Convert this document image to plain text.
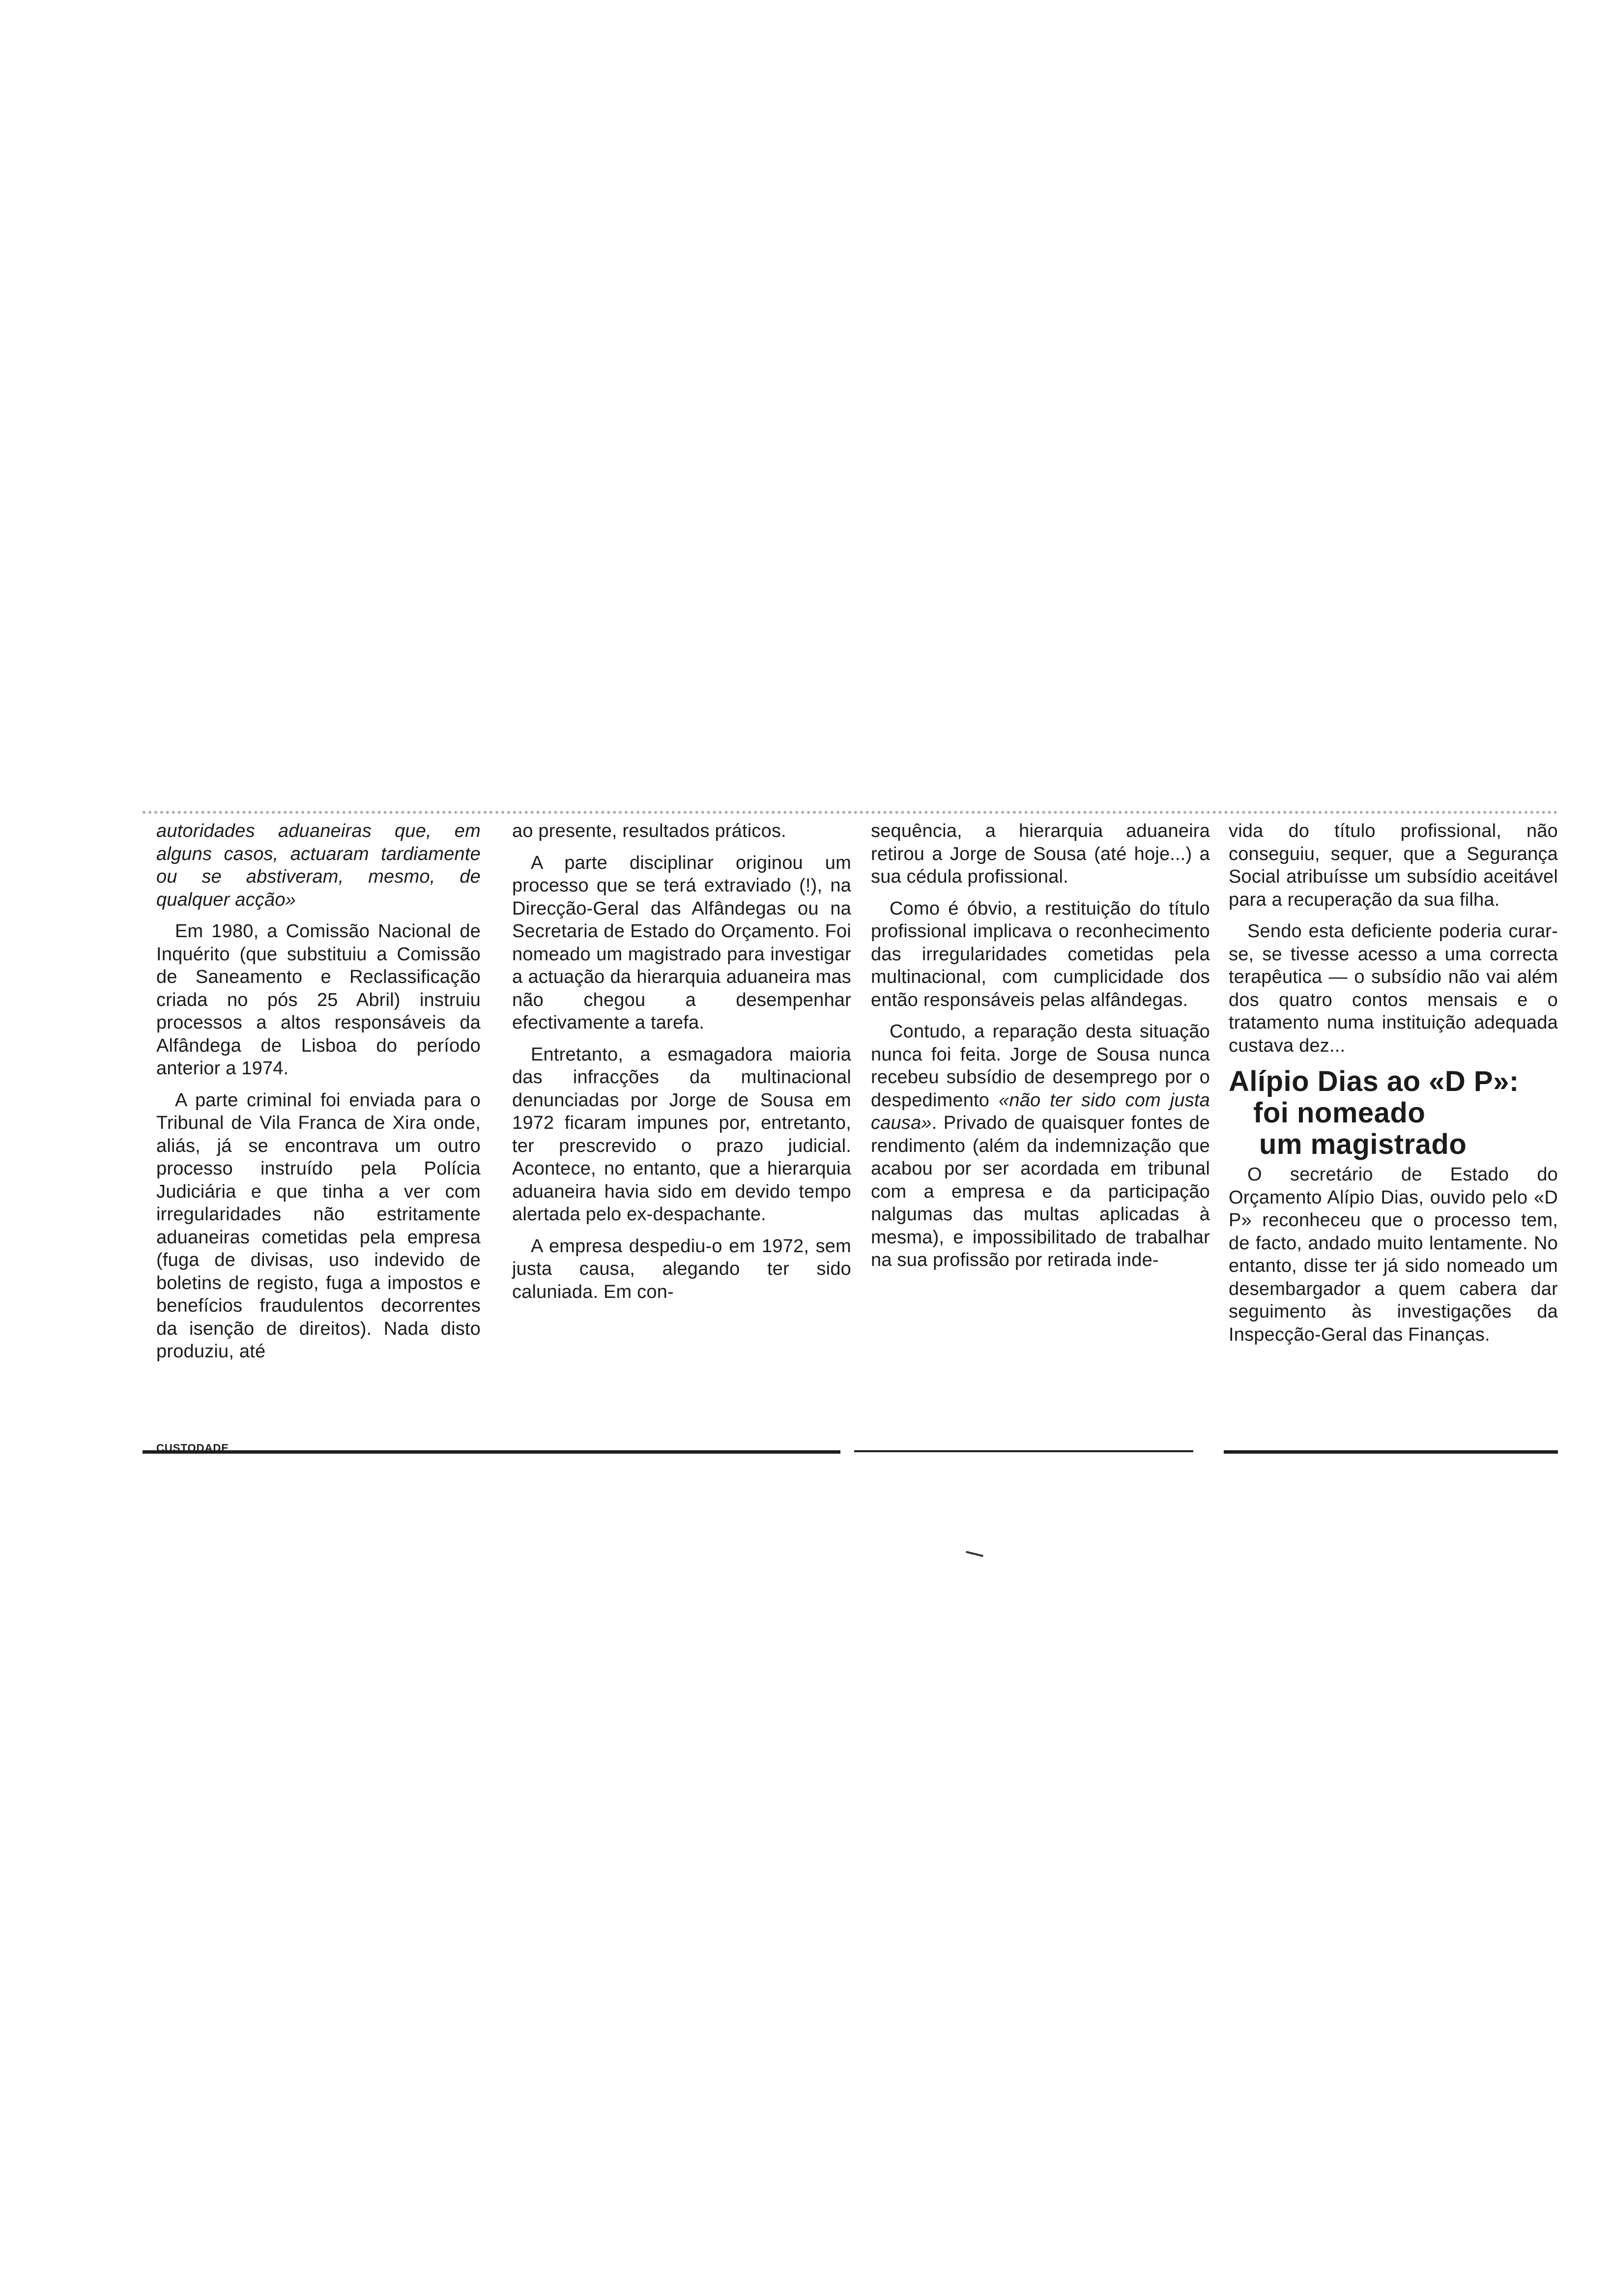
autoridades aduaneiras que, em alguns casos, actuaram tardiamente ou se abstiveram, mesmo, de qualquer acção»

Em 1980, a Comissão Nacional de Inquérito (que substituiu a Comissão de Saneamento e Reclassificação criada no pós 25 Abril) instruiu processos a altos responsáveis da Alfândega de Lisboa do período anterior a 1974.

A parte criminal foi enviada para o Tribunal de Vila Franca de Xira onde, aliás, já se encontrava um outro processo instruído pela Polícia Judiciária e que tinha a ver com irregularidades não estritamente aduaneiras cometidas pela empresa (fuga de divisas, uso indevido de boletins de registo, fuga a impostos e benefícios fraudulentos decorrentes da isenção de direitos). Nada disto produziu, até

ao presente, resultados práticos.

A parte disciplinar originou um processo que se terá extraviado (!), na Direcção-Geral das Alfândegas ou na Secretaria de Estado do Orçamento. Foi nomeado um magistrado para investigar a actuação da hierarquia aduaneira mas não chegou a desempenhar efectivamente a tarefa.

Entretanto, a esmagadora maioria das infracções da multinacional denunciadas por Jorge de Sousa em 1972 ficaram impunes por, entretanto, ter prescrevido o prazo judicial. Acontece, no entanto, que a hierarquia aduaneira havia sido em devido tempo alertada pelo ex-despachante.

A empresa despediu-o em 1972, sem justa causa, alegando ter sido caluniada. Em con-

sequência, a hierarquia aduaneira retirou a Jorge de Sousa (até hoje...) a sua cédula profissional.

Como é óbvio, a restituição do título profissional implicava o reconhecimento das irregularidades cometidas pela multinacional, com cumplicidade dos então responsáveis pelas alfândegas.

Contudo, a reparação desta situação nunca foi feita. Jorge de Sousa nunca recebeu subsídio de desemprego por o despedimento «não ter sido com justa causa». Privado de quaisquer fontes de rendimento (além da indemnização que acabou por ser acordada em tribunal com a empresa e da participação nalgumas das multas aplicadas à mesma), e impossibilitado de trabalhar na sua profissão por retirada inde-

vida do título profissional, não conseguiu, sequer, que a Segurança Social atribuísse um subsídio aceitável para a recuperação da sua filha.

Sendo esta deficiente poderia curar-se, se tivesse acesso a uma correcta terapêutica — o subsídio não vai além dos quatro contos mensais e o tratamento numa instituição adequada custava dez...

Alípio Dias ao «D P»:
foi nomeado
um magistrado

O secretário de Estado do Orçamento Alípio Dias, ouvido pelo «D P» reconheceu que o processo tem, de facto, andado muito lentamente. No entanto, disse ter já sido nomeado um desembargador a quem cabera dar seguimento às investigações da Inspecção-Geral das Finanças.

CUSTODADE
